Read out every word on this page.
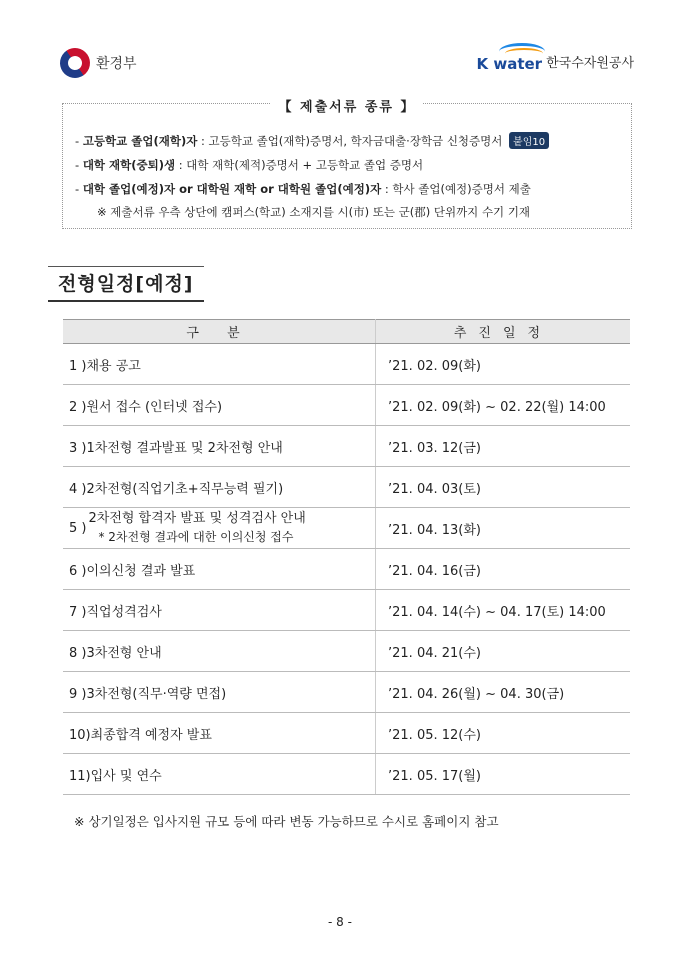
환경부	K water 한국수자원공사
【 제출서류 종류 】
- 고등학교 졸업(재학)자 : 고등학교 졸업(재학)증명서, 학자금대출·장학금 신청증명서 붙임10
- 대학 재학(중퇴)생 : 대학 재학(제적)증명서 + 고등학교 졸업 증명서
- 대학 졸업(예정)자 or 대학원 재학 or 대학원 졸업(예정)자 : 학사 졸업(예정)증명서 제출
※ 제출서류 우측 상단에 캠퍼스(학교) 소재지를 시(市) 또는 군(郡) 단위까지 수기 기재
전형일정[예정]
구 분	추진일정
1 )채용 공고	’21. 02. 09(화)
2 )원서 접수 (인터넷 접수)	’21. 02. 09(화) ~ 02. 22(월) 14:00
3 )1차전형 결과발표 및 2차전형 안내	’21. 03. 12(금)
4 )2차전형(직업기초+직무능력 필기)	’21. 04. 03(토)

5 )
2차전형 합격자 발표 및 성격검사 안내
* 2차전형 결과에 대한 이의신청 접수	’21. 04. 13(화)
6 )이의신청 결과 발표	’21. 04. 16(금)
7 )직업성격검사	’21. 04. 14(수) ~ 04. 17(토) 14:00
8 )3차전형 안내	’21. 04. 21(수)
9 )3차전형(직무·역량 면접)	’21. 04. 26(월) ~ 04. 30(금)
10)최종합격 예정자 발표	’21. 05. 12(수)
11)입사 및 연수	’21. 05. 17(월)
※ 상기일정은 입사지원 규모 등에 따라 변동 가능하므로 수시로 홈페이지 참고
- 8 -
